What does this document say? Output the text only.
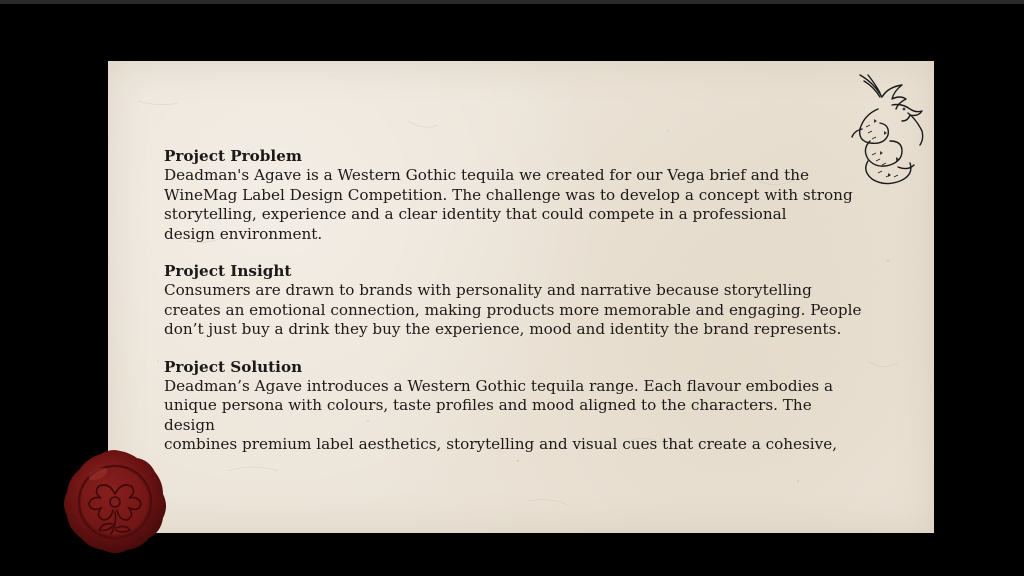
Project Problem
Deadman's Agave is a Western Gothic tequila we created for our Vega brief and the
WineMag Label Design Competition. The challenge was to develop a concept with strong
storytelling, experience and a clear identity that could compete in a professional
design environment.
Project Insight
Consumers are drawn to brands with personality and narrative because storytelling
creates an emotional connection, making products more memorable and engaging. People
don’t just buy a drink they buy the experience, mood and identity the brand represents.
Project Solution
Deadman’s Agave introduces a Western Gothic tequila range. Each flavour embodies a
unique persona with colours, taste profiles and mood aligned to the characters. The design
combines premium label aesthetics, storytelling and visual cues that create a cohesive,
